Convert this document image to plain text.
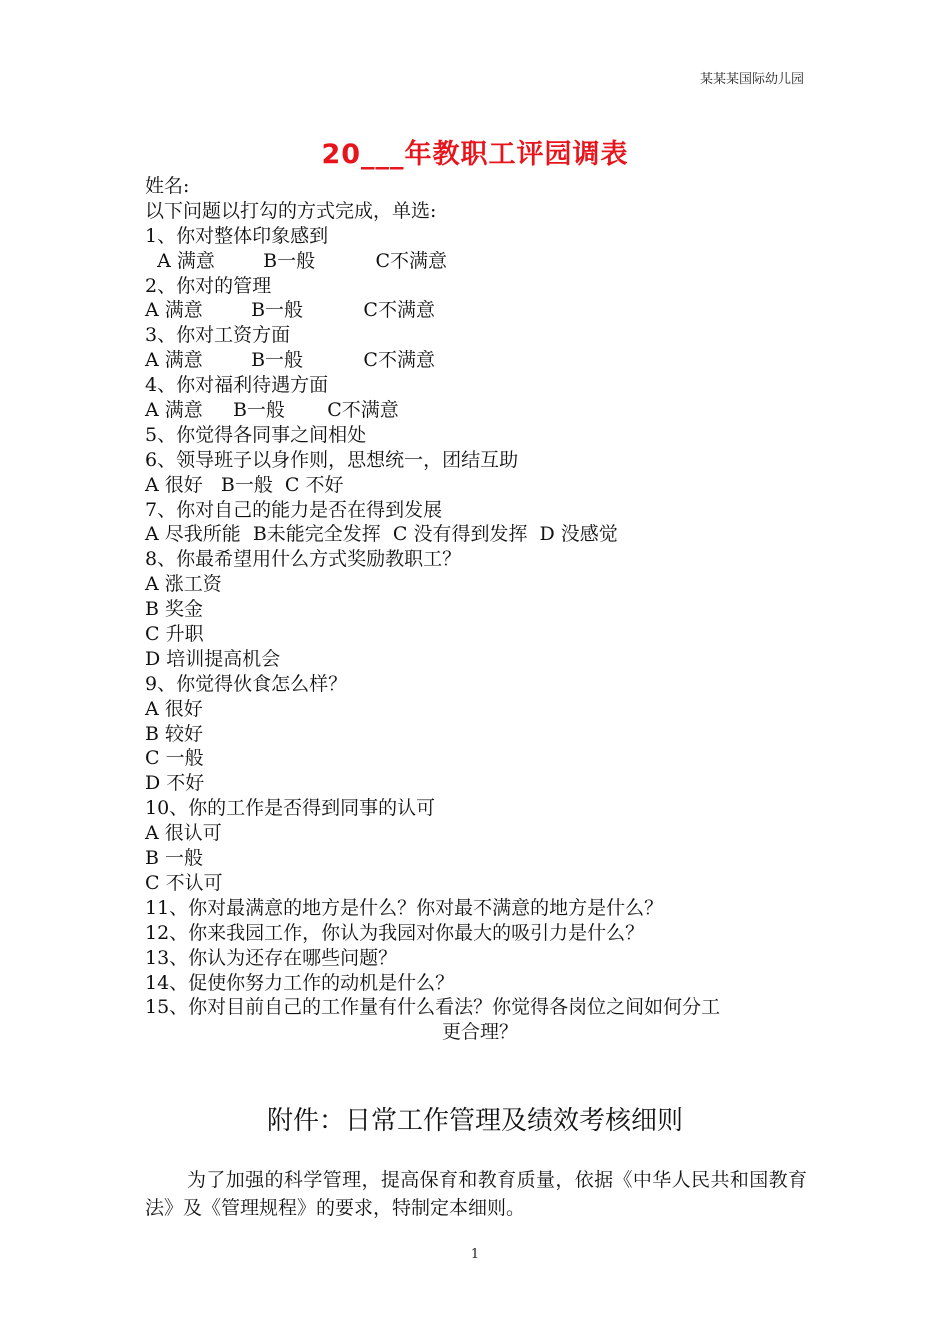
某某某国际幼儿园
20___年教职工评园调表
姓名:
以下问题以打勾的方式完成，单选:
1、你对整体印象感到
A 满意        B一般          C不满意
2、你对的管理
A 满意        B一般          C不满意
3、你对工资方面
A 满意        B一般          C不满意
4、你对福利待遇方面
A 满意     B一般       C不满意
5、你觉得各同事之间相处
6、领导班子以身作则，思想统一，团结互助
A 很好   B一般  C 不好
7、你对自己的能力是否在得到发展
A 尽我所能  B未能完全发挥  C 没有得到发挥  D 没感觉
8、你最希望用什么方式奖励教职工？
A 涨工资
B 奖金
C 升职
D 培训提高机会
9、你觉得伙食怎么样？
A 很好
B 较好
C 一般
D 不好
10、你的工作是否得到同事的认可
A 很认可
B 一般
C 不认可
11、你对最满意的地方是什么？你对最不满意的地方是什么？
12、你来我园工作，你认为我园对你最大的吸引力是什么？
13、你认为还存在哪些问题？
14、促使你努力工作的动机是什么？
15、你对目前自己的工作量有什么看法？你觉得各岗位之间如何分工
更合理？
附件：日常工作管理及绩效考核细则
为了加强的科学管理，提高保育和教育质量，依据《中华人民共和国教育法》及《管理规程》的要求，特制定本细则。
1
